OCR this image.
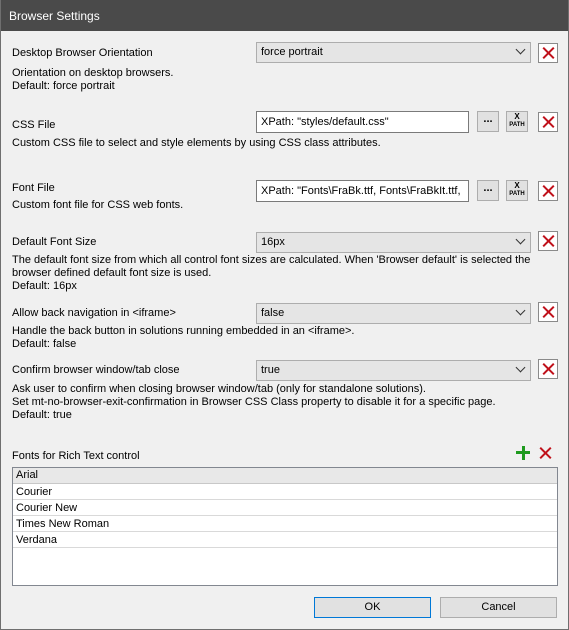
Browser Settings
Desktop Browser Orientation	force portrait
Orientation on desktop browsers.
Default: force portrait
CSS File	XPath: "styles/default.css"	...	X
PATH
Custom CSS file to select and style elements by using CSS class attributes.
Font File	XPath: "Fonts\FraBk.ttf, Fonts\FraBkIt.ttf,	...	X
PATH
Custom font file for CSS web fonts.
Default Font Size	16px
The default font size from which all control font sizes are calculated. When 'Browser default' is selected the
browser defined default font size is used.
Default: 16px
Allow back navigation in <iframe>	false
Handle the back button in solutions running embedded in an <iframe>.
Default: false
Confirm browser window/tab close	true
Ask user to confirm when closing browser window/tab (only for standalone solutions).
Set mt-no-browser-exit-confirmation in Browser CSS Class property to disable it for a specific page.
Default: true
Fonts for Rich Text control
Arial
Courier
Courier New
Times New Roman
Verdana
OK	Cancel
